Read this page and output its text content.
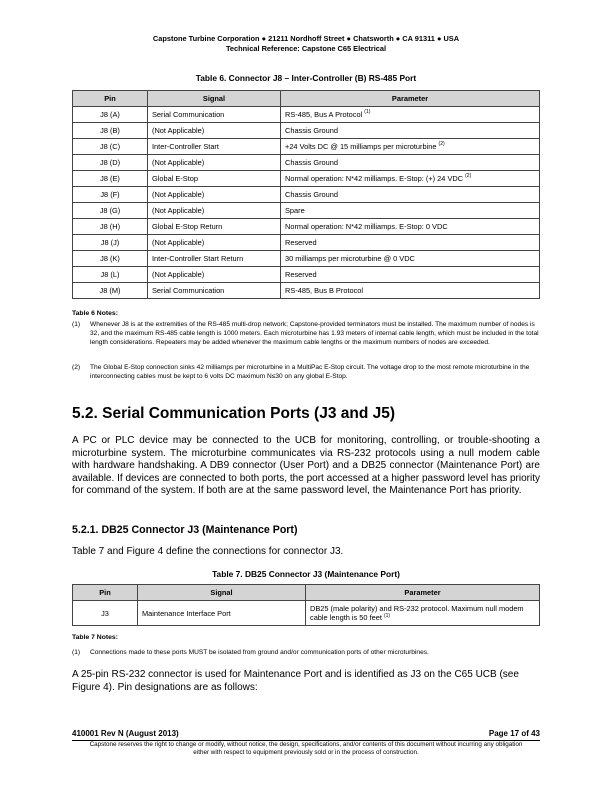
Capstone Turbine Corporation ● 21211 Nordhoff Street ● Chatsworth ● CA 91311 ● USA
Technical Reference: Capstone C65 Electrical
Table 6. Connector J8 – Inter-Controller (B) RS-485 Port
Pin	Signal	Parameter
J8 (A)	Serial Communication	RS-485, Bus A Protocol $^{(1)}$
J8 (B)	(Not Applicable)	Chassis Ground
J8 (C)	Inter-Controller Start	+24 Volts DC @ 15 milliamps per microturbine $^{(2)}$
J8 (D)	(Not Applicable)	Chassis Ground
J8 (E)	Global E-Stop	Normal operation: N*42 milliamps. E-Stop: (+) 24 VDC $^{(2)}$
J8 (F)	(Not Applicable)	Chassis Ground
J8 (G)	(Not Applicable)	Spare
J8 (H)	Global E-Stop Return	Normal operation: N*42 milliamps. E-Stop: 0 VDC
J8 (J)	(Not Applicable)	Reserved
J8 (K)	Inter-Controller Start Return	30 milliamps per microturbine @ 0 VDC
J8 (L)	(Not Applicable)	Reserved
J8 (M)	Serial Communication	RS-485, Bus B Protocol
Table 6 Notes:
(1) Whenever J8 is at the extremities of the RS-485 multi-drop network; Capstone-provided terminators must be installed. The maximum number of nodes is 32, and the maximum RS-485 cable length is 1000 meters. Each microturbine has 1.93 meters of internal cable length, which must be included in the total length considerations. Repeaters may be added whenever the maximum cable lengths or the maximum numbers of nodes are exceeded.
(2) The Global E-Stop connection sinks 42 milliamps per microturbine in a MultiPac E-Stop circuit. The voltage drop to the most remote microturbine in the interconnecting cables must be kept to 6 volts DC maximum N≤30 on any global E-Stop.
5.2. Serial Communication Ports (J3 and J5)
A PC or PLC device may be connected to the UCB for monitoring, controlling, or trouble-shooting a microturbine system. The microturbine communicates via RS-232 protocols using a null modem cable with hardware handshaking. A DB9 connector (User Port) and a DB25 connector (Maintenance Port) are available. If devices are connected to both ports, the port accessed at a higher password level has priority for command of the system. If both are at the same password level, the Maintenance Port has priority.
5.2.1. DB25 Connector J3 (Maintenance Port)
Table 7 and Figure 4 define the connections for connector J3.
Table 7. DB25 Connector J3 (Maintenance Port)
Pin	Signal	Parameter
J3	Maintenance Interface Port	DB25 (male polarity) and RS-232 protocol. Maximum null modem cable length is 50 feet $^{(1)}$
Table 7 Notes:
(1) Connections made to these ports MUST be isolated from ground and/or communication ports of other microturbines.
A 25-pin RS-232 connector is used for Maintenance Port and is identified as J3 on the C65 UCB (see Figure 4). Pin designations are as follows:
410001 Rev N (August 2013)	Page 17 of 43
Capstone reserves the right to change or modify, without notice, the design, specifications, and/or contents of this document without incurring any obligation either with respect to equipment previously sold or in the process of construction.
